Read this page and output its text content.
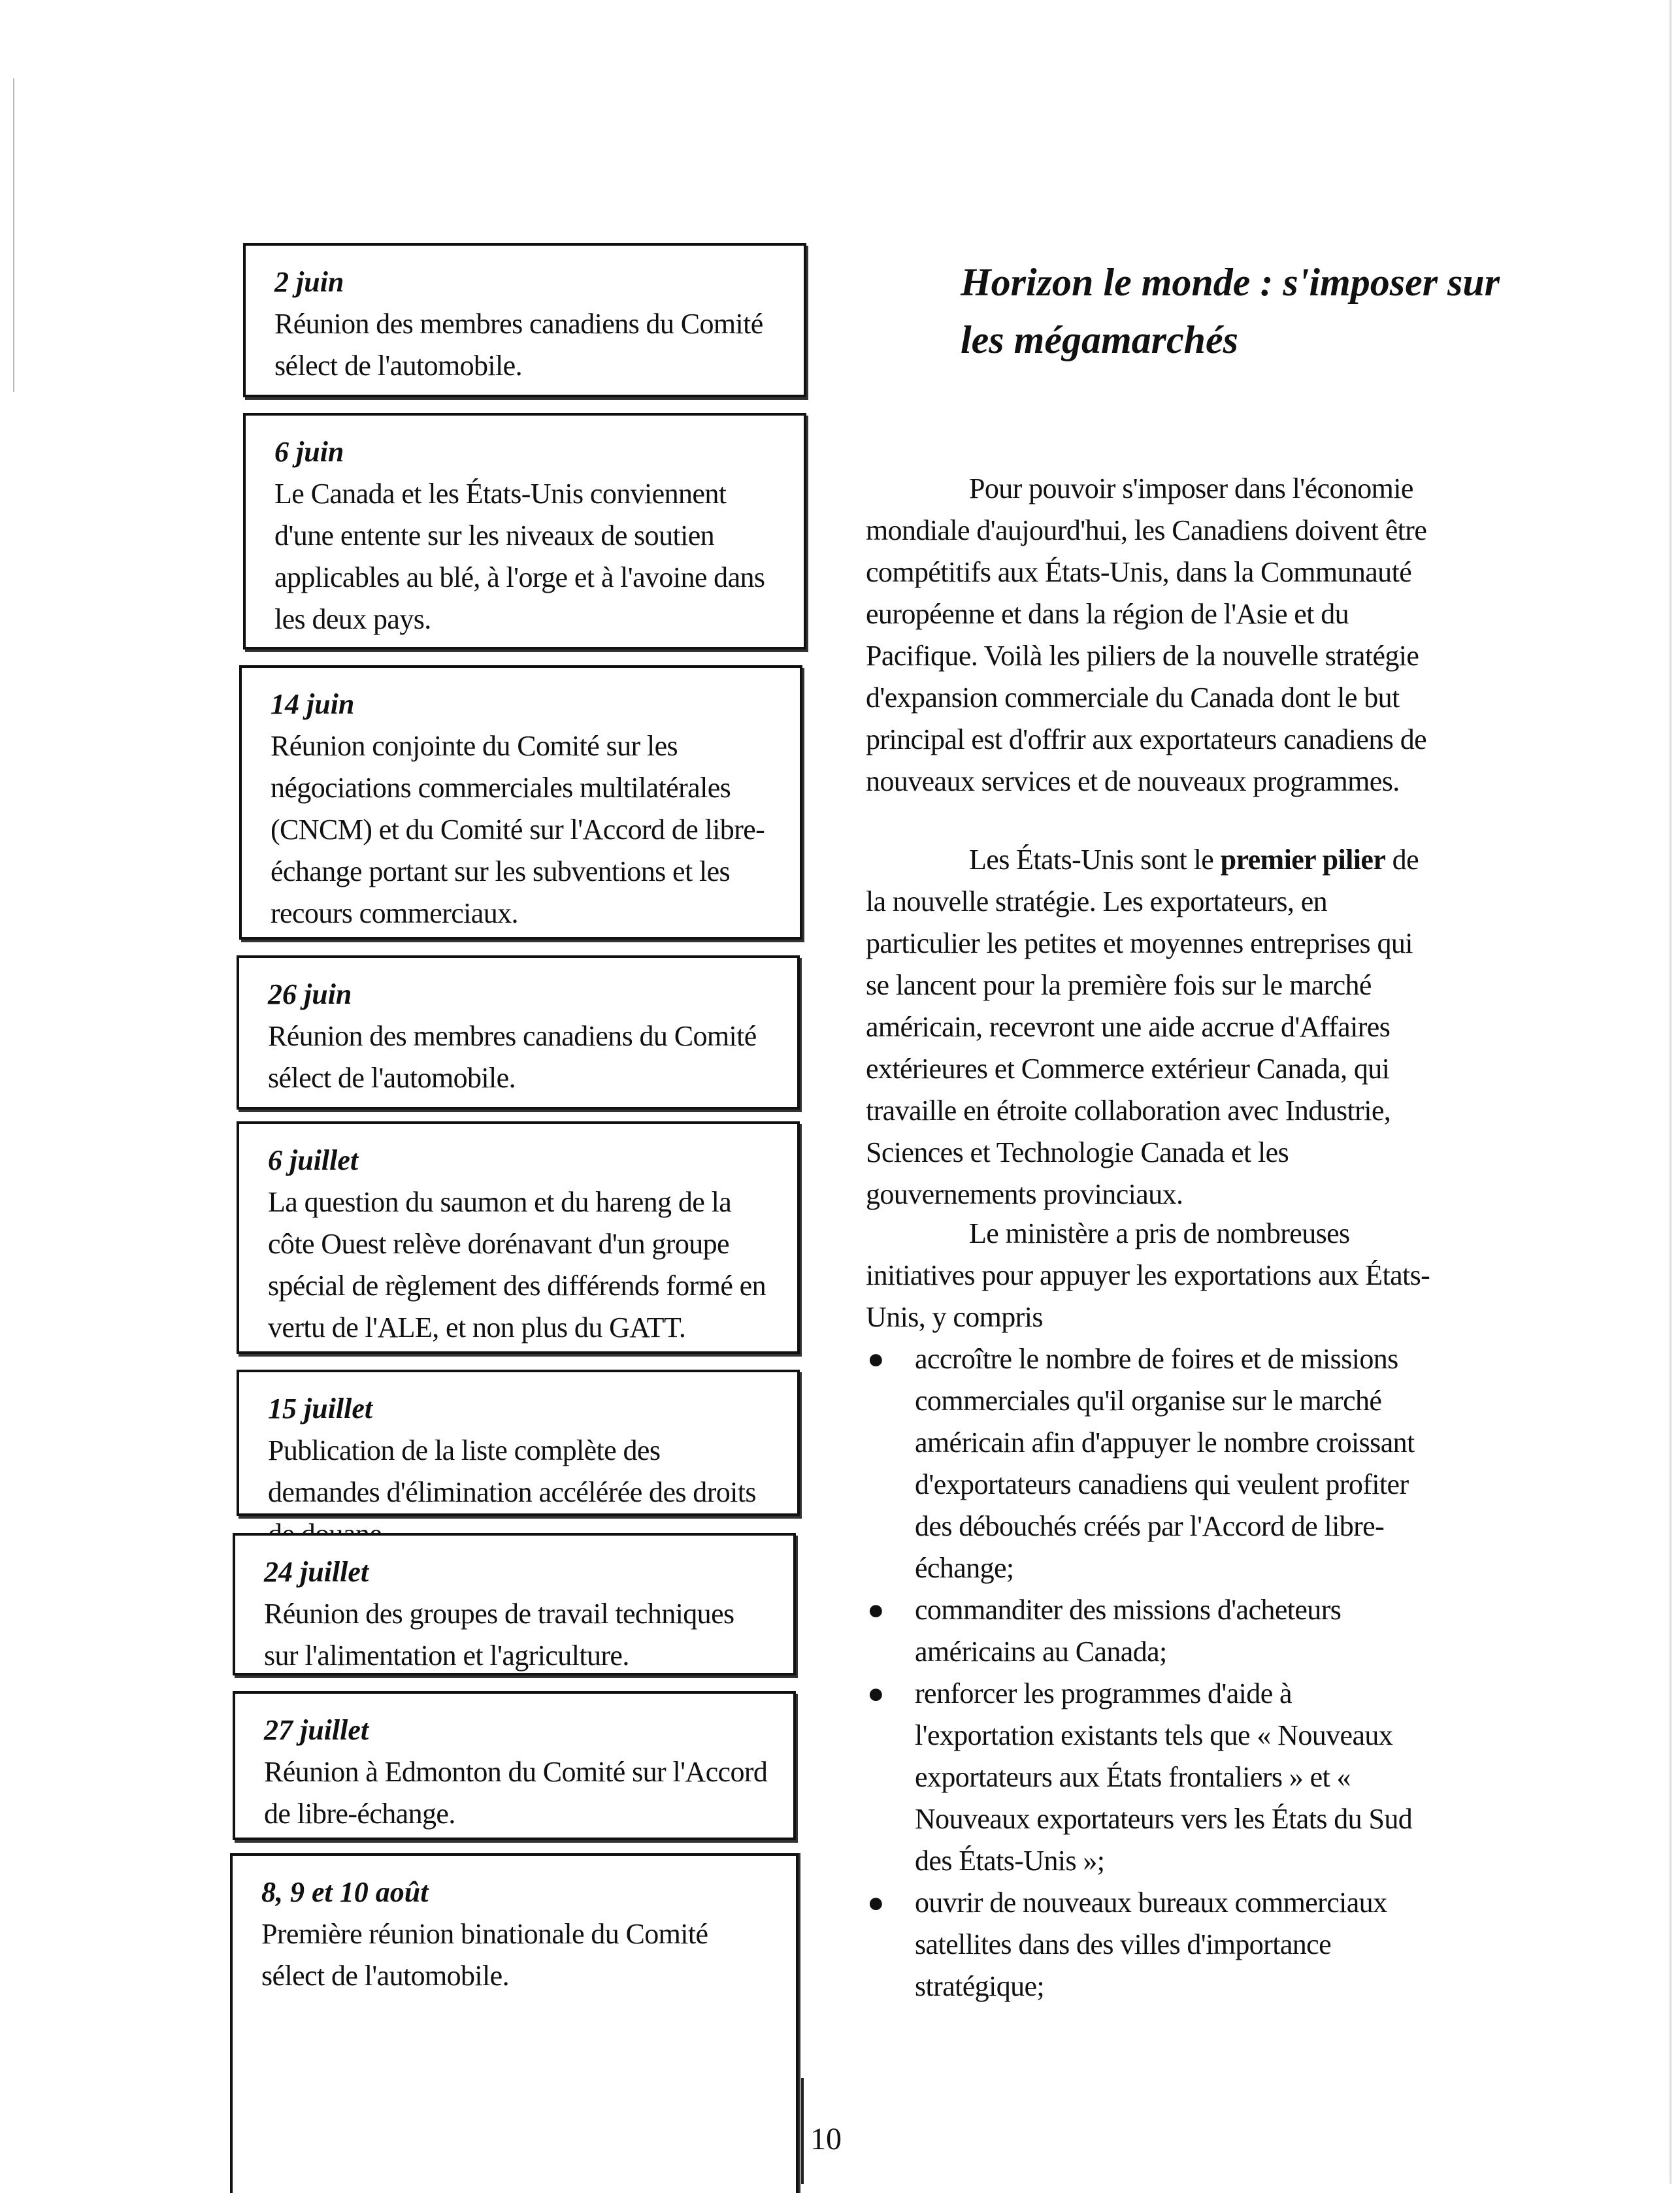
2 juin
Réunion des membres canadiens du Comité sélect de l'automobile.
6 juin
Le Canada et les États-Unis conviennent d'une entente sur les niveaux de soutien applicables au blé, à l'orge et à l'avoine dans les deux pays.
14 juin
Réunion conjointe du Comité sur les négociations commerciales multilatérales (CNCM) et du Comité sur l'Accord de libre-échange portant sur les subventions et les recours commerciaux.
26 juin
Réunion des membres canadiens du Comité sélect de l'automobile.
6 juillet
La question du saumon et du hareng de la côte Ouest relève dorénavant d'un groupe spécial de règlement des différends formé en vertu de l'ALE, et non plus du GATT.
15 juillet
Publication de la liste complète des demandes d'élimination accélérée des droits
24 juillet
Réunion des groupes de travail techniques sur l'alimentation et l'agriculture.
27 juillet
Réunion à Edmonton du Comité sur l'Accord de libre-échange.
8, 9 et 10 août
Première réunion binationale du Comité sélect de l'automobile.
Horizon le monde : s'imposer sur les mégamarchés

Pour pouvoir s'imposer dans l'économie mondiale d'aujourd'hui, les Canadiens doivent être compétitifs aux États-Unis, dans la Communauté européenne et dans la région de l'Asie et du Pacifique. Voilà les piliers de la nouvelle stratégie d'expansion commerciale du Canada dont le but principal est d'offrir aux exportateurs canadiens de nouveaux services et de nouveaux programmes.

Les États-Unis sont le premier pilier de la nouvelle stratégie. Les exportateurs, en particulier les petites et moyennes entreprises qui se lancent pour la première fois sur le marché américain, recevront une aide accrue d'Affaires extérieures et Commerce extérieur Canada, qui travaille en étroite collaboration avec Industrie, Sciences et Technologie Canada et les gouvernements provinciaux.

Le ministère a pris de nombreuses initiatives pour appuyer les exportations aux États-Unis, y compris

● accroître le nombre de foires et de missions commerciales qu'il organise sur le marché américain afin d'appuyer le nombre croissant d'exportateurs canadiens qui veulent profiter des débouchés créés par l'Accord de libre-échange;
● commanditer des missions d'acheteurs américains au Canada;
● renforcer les programmes d'aide à l'exportation existants tels que « Nouveaux exportateurs aux États frontaliers » et « Nouveaux exportateurs vers les États du Sud des États-Unis »;
● ouvrir de nouveaux bureaux commerciaux satellites dans des villes d'importance stratégique;
10
